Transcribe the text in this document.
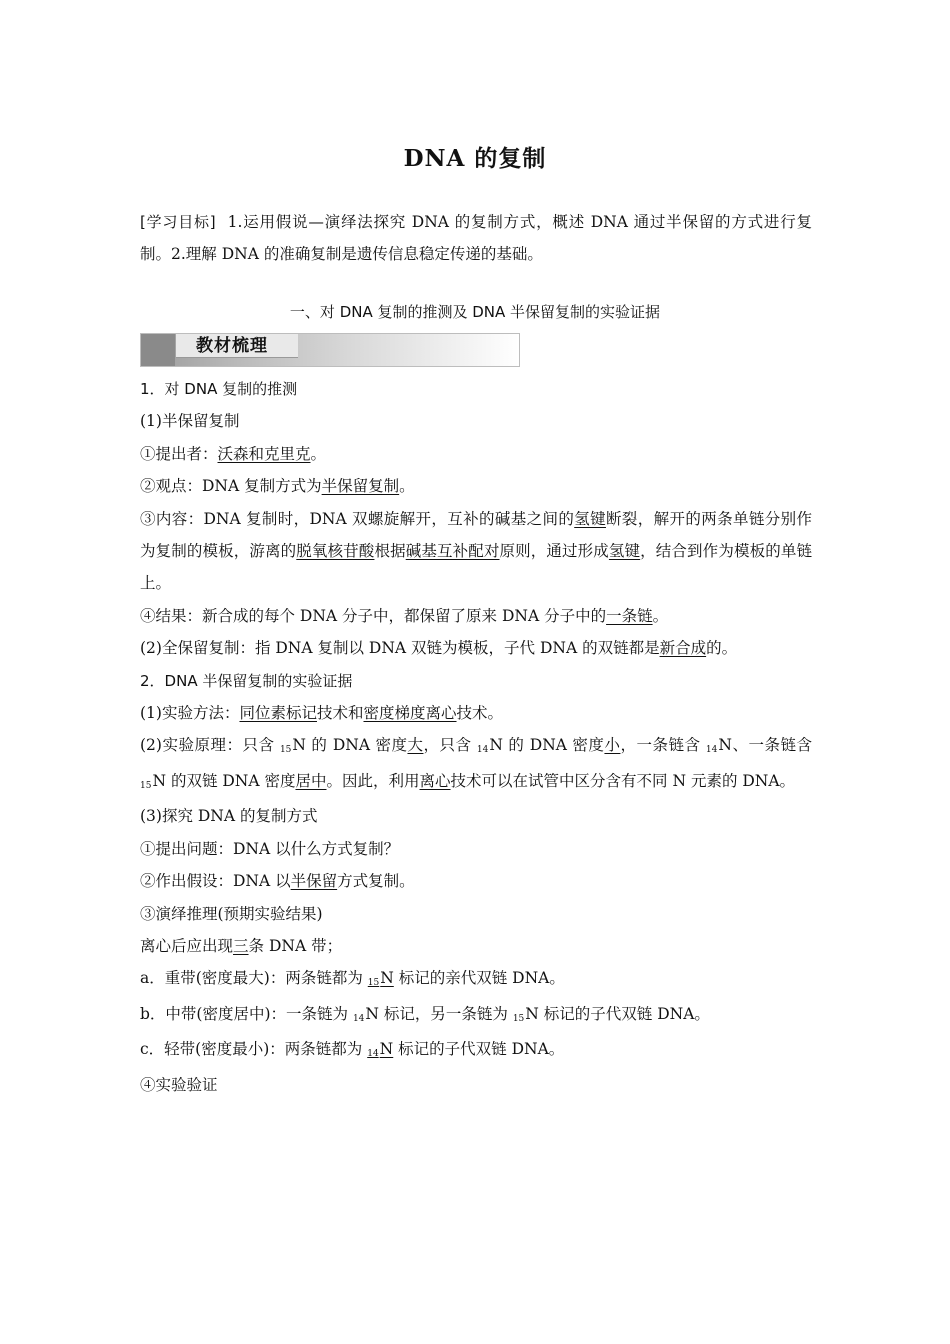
DNA 的复制
[学习目标] 1.运用假说—演绎法探究 DNA 的复制方式，概述 DNA 通过半保留的方式进行复制。2.理解 DNA 的准确复制是遗传信息稳定传递的基础。
一、对 DNA 复制的推测及 DNA 半保留复制的实验证据
教材梳理

1．对 DNA 复制的推测

(1)半保留复制

①提出者：沃森和克里克。

②观点：DNA 复制方式为半保留复制。

③内容：DNA 复制时，DNA 双螺旋解开，互补的碱基之间的氢键断裂，解开的两条单链分别作为复制的模板，游离的脱氧核苷酸根据碱基互补配对原则，通过形成氢键，结合到作为模板的单链上。

④结果：新合成的每个 DNA 分子中，都保留了原来 DNA 分子中的一条链。

(2)全保留复制：指 DNA 复制以 DNA 双链为模板，子代 DNA 的双链都是新合成的。

2．DNA 半保留复制的实验证据

(1)实验方法：同位素标记技术和密度梯度离心技术。

(2)实验原理：只含 $^{15}$N 的 DNA 密度大，只含 $^{14}$N 的 DNA 密度小，一条链含 $^{14}$N、一条链含 $^{15}$N 的双链 DNA 密度居中。因此，利用离心技术可以在试管中区分含有不同 N 元素的 DNA。

(3)探究 DNA 的复制方式

①提出问题：DNA 以什么方式复制？

②作出假设：DNA 以半保留方式复制。

③演绎推理(预期实验结果)

离心后应出现三条 DNA 带；

a．重带(密度最大)：两条链都为 $^{15}$N 标记的亲代双链 DNA。

b．中带(密度居中)：一条链为 $^{14}$N 标记，另一条链为 $^{15}$N 标记的子代双链 DNA。

c．轻带(密度最小)：两条链都为 $^{14}$N 标记的子代双链 DNA。

④实验验证
